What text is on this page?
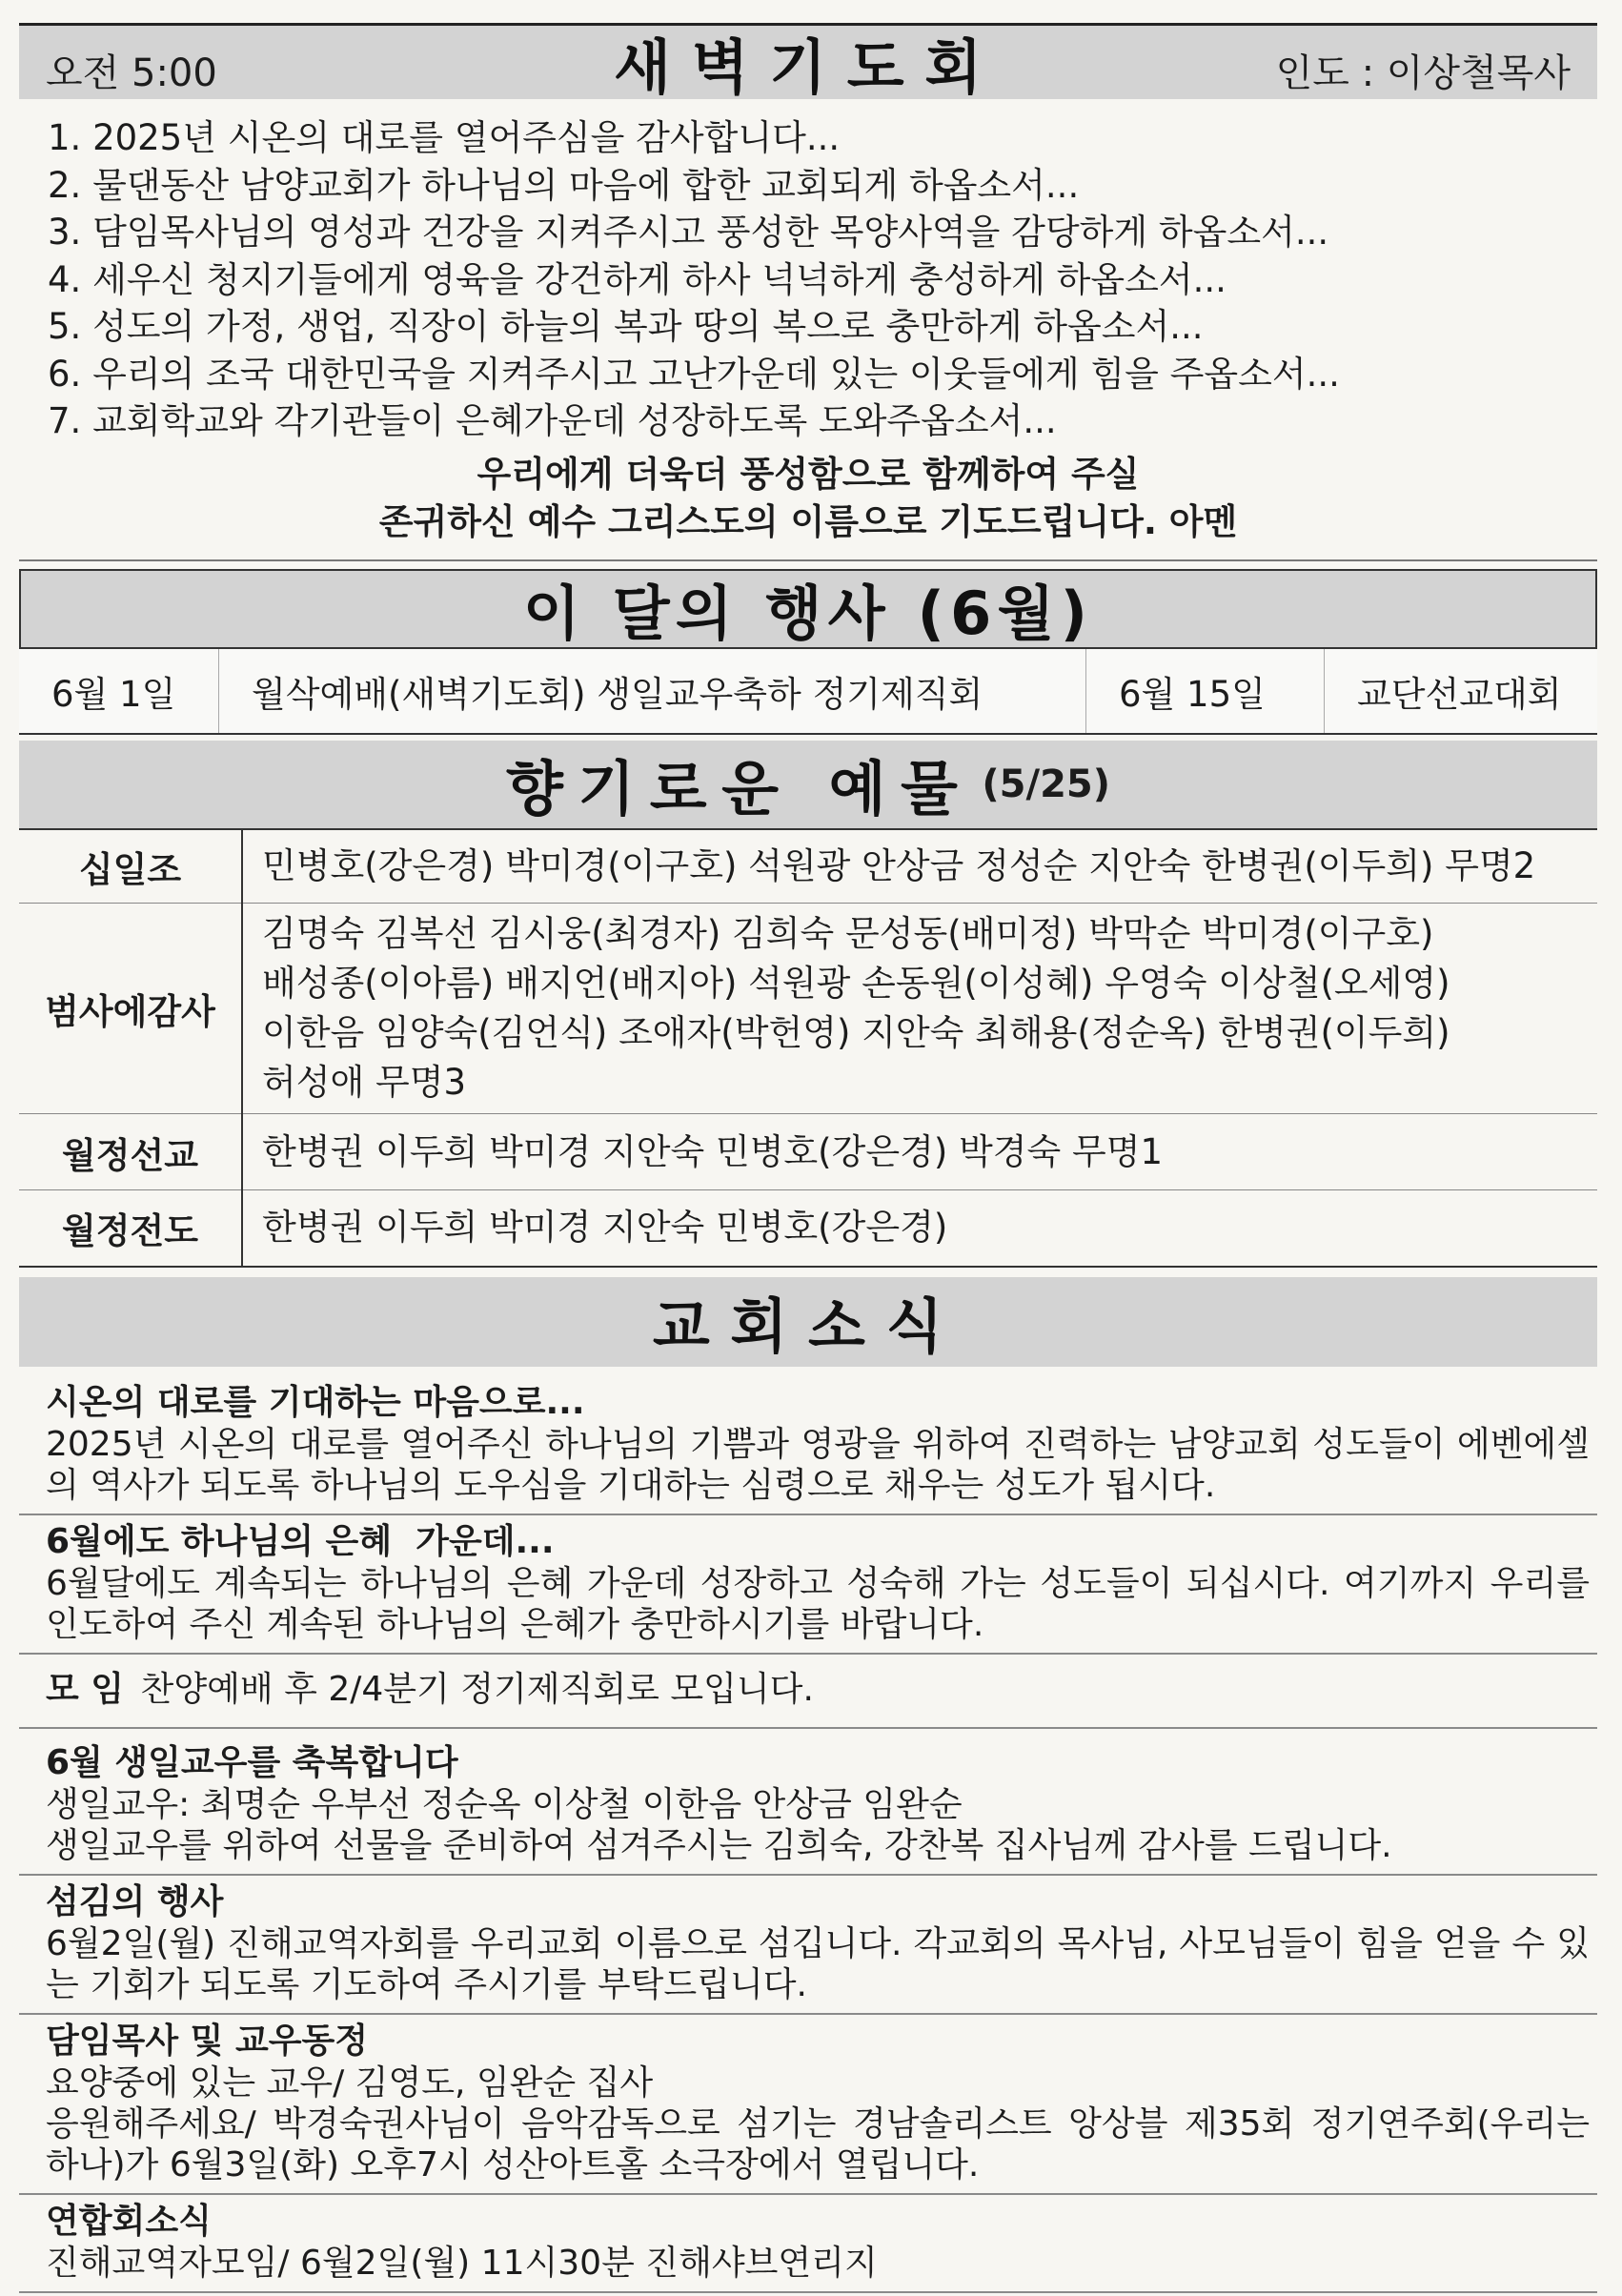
오전 5:00	새벽기도회	인도 : 이상철목사
1. 2025년 시온의 대로를 열어주심을 감사합니다...
2. 물댄동산 남양교회가 하나님의 마음에 합한 교회되게 하옵소서...
3. 담임목사님의 영성과 건강을 지켜주시고 풍성한 목양사역을 감당하게 하옵소서...
4. 세우신 청지기들에게 영육을 강건하게 하사 넉넉하게 충성하게 하옵소서...
5. 성도의 가정, 생업, 직장이 하늘의 복과 땅의 복으로 충만하게 하옵소서...
6. 우리의 조국 대한민국을 지켜주시고 고난가운데 있는 이웃들에게 힘을 주옵소서...
7. 교회학교와 각기관들이 은혜가운데 성장하도록 도와주옵소서...
우리에게 더욱더 풍성함으로 함께하여 주실
존귀하신 예수 그리스도의 이름으로 기도드립니다. 아멘
이 달의 행사 (6월)
6월 1일	월삭예배(새벽기도회) 생일교우축하 정기제직회	6월 15일	교단선교대회
향기로운 예물 (5/25)
십일조	민병호(강은경) 박미경(이구호) 석원광 안상금 정성순 지안숙 한병권(이두희) 무명2

범사에감사	김명숙 김복선 김시웅(최경자) 김희숙 문성동(배미정) 박막순 박미경(이구호)
배성종(이아름) 배지언(배지아) 석원광 손동원(이성혜) 우영숙 이상철(오세영)
이한음 임양숙(김언식) 조애자(박헌영) 지안숙 최해용(정순옥) 한병권(이두희)
허성애 무명3

월정선교	한병권 이두희 박미경 지안숙 민병호(강은경) 박경숙 무명1

월정전도	한병권 이두희 박미경 지안숙 민병호(강은경)
교회소식
시온의 대로를 기대하는 마음으로...
2025년 시온의 대로를 열어주신 하나님의 기쁨과 영광을 위하여 진력하는 남양교회 성도들이 에벤에셀의 역사가 되도록 하나님의 도우심을 기대하는 심령으로 채우는 성도가 됩시다.
6월에도 하나님의 은혜  가운데...
6월달에도 계속되는 하나님의 은혜 가운데 성장하고 성숙해 가는 성도들이 되십시다. 여기까지 우리를 인도하여 주신 계속된 하나님의 은혜가 충만하시기를 바랍니다.
모 임 찬양예배 후 2/4분기 정기제직회로 모입니다.
6월 생일교우를 축복합니다
생일교우: 최명순 우부선 정순옥 이상철 이한음 안상금 임완순
생일교우를 위하여 선물을 준비하여 섬겨주시는 김희숙, 강찬복 집사님께 감사를 드립니다.
섬김의 행사
6월2일(월) 진해교역자회를 우리교회 이름으로 섬깁니다. 각교회의 목사님, 사모님들이 힘을 얻을 수 있는 기회가 되도록 기도하여 주시기를 부탁드립니다.
담임목사 및 교우동정
요양중에 있는 교우/ 김영도, 임완순 집사
응원해주세요/ 박경숙권사님이 음악감독으로 섬기는 경남솔리스트 앙상블 제35회 정기연주회(우리는 하나)가 6월3일(화) 오후7시 성산아트홀 소극장에서 열립니다.
연합회소식
진해교역자모임/ 6월2일(월) 11시30분 진해샤브연리지
